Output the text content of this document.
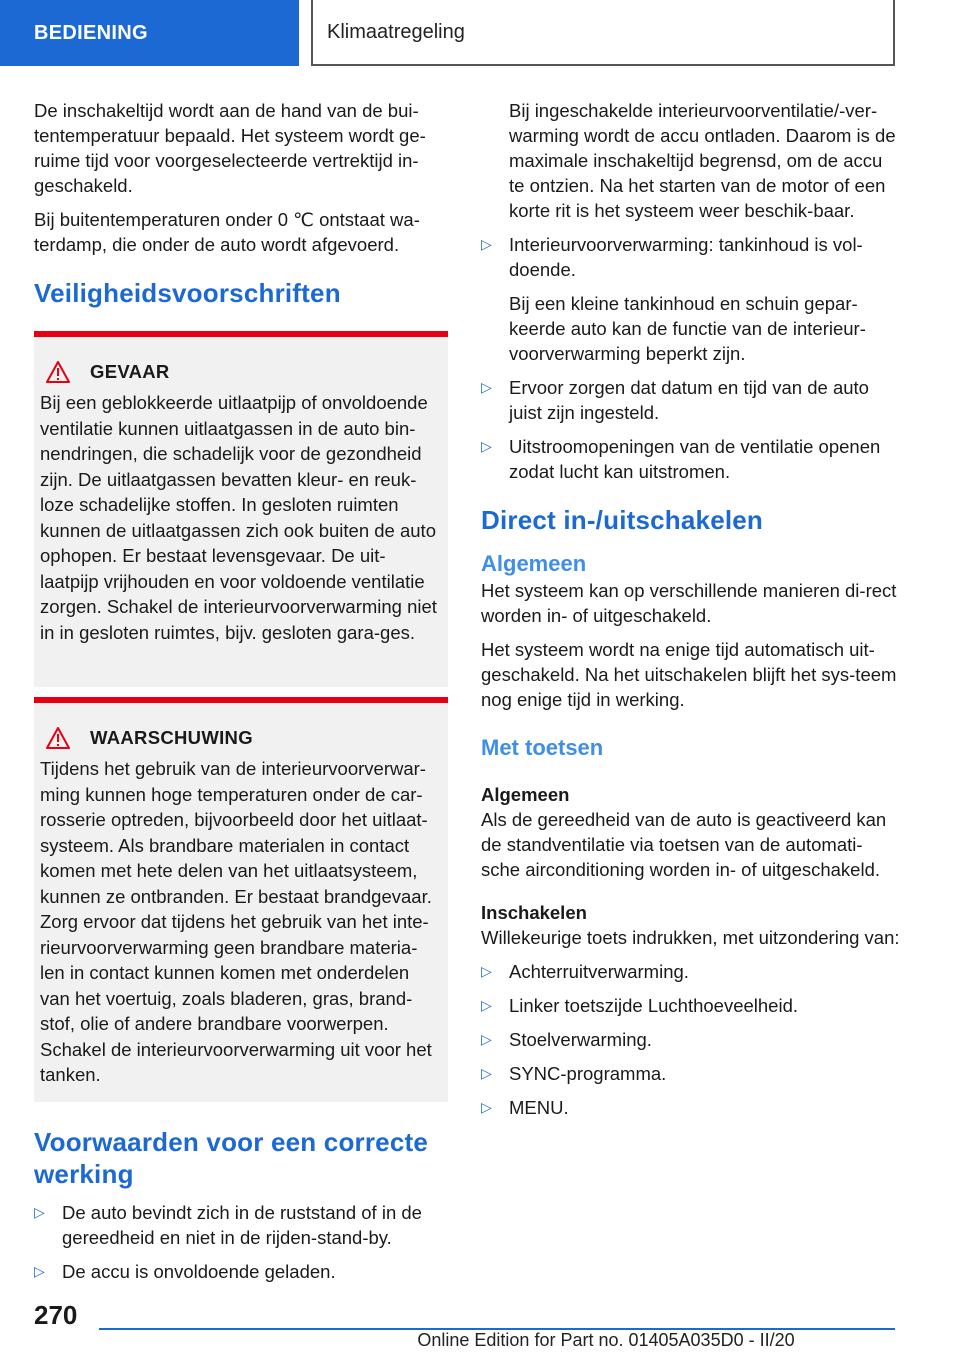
BEDIENING	Klimaatregeling

De inschakeltijd wordt aan de hand van de bui-tentemperatuur bepaald. Het systeem wordt ge-ruime tijd voor voorgeselecteerde vertrektijd in-geschakeld.

Bij buitentemperaturen onder 0 ℃ ontstaat wa-terdamp, die onder de auto wordt afgevoerd.

Veiligheidsvoorschriften
GEVAAR
Bij een geblokkeerde uitlaatpijp of onvoldoende ventilatie kunnen uitlaatgassen in de auto bin-nendringen, die schadelijk voor de gezondheid zijn. De uitlaatgassen bevatten kleur- en reuk-loze schadelijke stoffen. In gesloten ruimten kunnen de uitlaatgassen zich ook buiten de auto ophopen. Er bestaat levensgevaar. De uit-laatpijp vrijhouden en voor voldoende ventilatie zorgen. Schakel de interieurvoorverwarming niet in in gesloten ruimtes, bijv. gesloten gara-ges.
WAARSCHUWING
Tijdens het gebruik van de interieurvoorverwar-ming kunnen hoge temperaturen onder de car-rosserie optreden, bijvoorbeeld door het uitlaat-systeem. Als brandbare materialen in contact komen met hete delen van het uitlaatsysteem, kunnen ze ontbranden. Er bestaat brandgevaar. Zorg ervoor dat tijdens het gebruik van het inte-rieurvoorverwarming geen brandbare materia-len in contact kunnen komen met onderdelen van het voertuig, zoals bladeren, gras, brand-stof, olie of andere brandbare voorwerpen. Schakel de interieurvoorverwarming uit voor het tanken.
Voorwaarden voor een correcte werking
▷ De auto bevindt zich in de ruststand of in de gereedheid en niet in de rijden-stand-by.
▷ De accu is onvoldoende geladen.

Bij ingeschakelde interieurvoorventilatie/-ver-warming wordt de accu ontladen. Daarom is de maximale inschakeltijd begrensd, om de accu te ontzien. Na het starten van de motor of een korte rit is het systeem weer beschik-baar.

▷ Interieurvoorverwarming: tankinhoud is vol-doende.

Bij een kleine tankinhoud en schuin gepar-keerde auto kan de functie van de interieur-voorverwarming beperkt zijn.

▷ Ervoor zorgen dat datum en tijd van de auto juist zijn ingesteld.
▷ Uitstroomopeningen van de ventilatie openen zodat lucht kan uitstromen.
Direct in-/uitschakelen
Algemeen

Het systeem kan op verschillende manieren di-rect worden in- of uitgeschakeld.

Het systeem wordt na enige tijd automatisch uit-geschakeld. Na het uitschakelen blijft het sys-teem nog enige tijd in werking.

Met toetsen
Algemeen

Als de gereedheid van de auto is geactiveerd kan de standventilatie via toetsen van de automati-sche airconditioning worden in- of uitgeschakeld.

Inschakelen

Willekeurige toets indrukken, met uitzondering van:

▷ Achterruitverwarming.
▷ Linker toetszijde Luchthoeveelheid.
▷ Stoelverwarming.
▷ SYNC-programma.
▷ MENU.
270
Online Edition for Part no. 01405A035D0 - II/20
